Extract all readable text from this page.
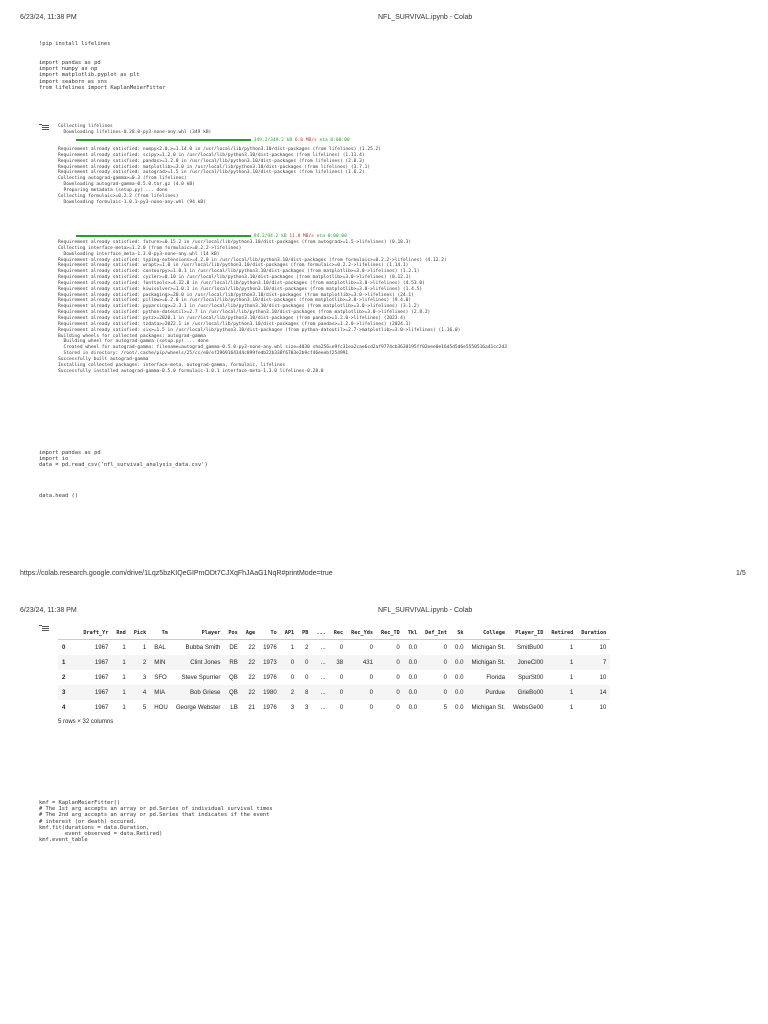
6/23/24, 11:38 PM	NFL_SURVIVAL.ipynb - Colab
!pip install lifelines
import pandas as pd
import numpy as np
import matplotlib.pyplot as plt
import seaborn as sns
from lifelines import KaplanMeierFitter
Collecting lifelines
Downloading lifelines-0.28.0-py3-none-any.whl (349 kB)
349.2/349.2 kB 6.8 MB/s eta 0:00:00
Requirement already satisfied: numpy<2.0,>=1.14.0 in /usr/local/lib/python3.10/dist-packages (from lifelines) (1.25.2)
Requirement already satisfied: scipy>=1.2.0 in /usr/local/lib/python3.10/dist-packages (from lifelines) (1.11.4)
Requirement already satisfied: pandas>=1.2.0 in /usr/local/lib/python3.10/dist-packages (from lifelines) (2.0.3)
Requirement already satisfied: matplotlib>=3.0 in /usr/local/lib/python3.10/dist-packages (from lifelines) (3.7.1)
Requirement already satisfied: autograd>=1.5 in /usr/local/lib/python3.10/dist-packages (from lifelines) (1.6.2)
Collecting autograd-gamma>=0.3 (from lifelines)
Downloading autograd-gamma-0.5.0.tar.gz (4.0 kB)
Preparing metadata (setup.py) ... done
Collecting formulaic>=0.2.2 (from lifelines)
Downloading formulaic-1.0.1-py3-none-any.whl (94 kB)
94.2/94.2 kB 11.8 MB/s eta 0:00:00
Requirement already satisfied: future>=0.15.2 in /usr/local/lib/python3.10/dist-packages (from autograd>=1.5->lifelines) (0.18.3)
Collecting interface-meta>=1.2.0 (from formulaic>=0.2.2->lifelines)
Downloading interface_meta-1.3.0-py3-none-any.whl (14 kB)
Requirement already satisfied: typing-extensions>=4.2.0 in /usr/local/lib/python3.10/dist-packages (from formulaic>=0.2.2->lifelines) (4.12.2)
Requirement already satisfied: wrapt>=1.0 in /usr/local/lib/python3.10/dist-packages (from formulaic>=0.2.2->lifelines) (1.14.1)
Requirement already satisfied: contourpy>=1.0.1 in /usr/local/lib/python3.10/dist-packages (from matplotlib>=3.0->lifelines) (1.2.1)
Requirement already satisfied: cycler>=0.10 in /usr/local/lib/python3.10/dist-packages (from matplotlib>=3.0->lifelines) (0.12.1)
Requirement already satisfied: fonttools>=4.22.0 in /usr/local/lib/python3.10/dist-packages (from matplotlib>=3.0->lifelines) (4.53.0)
Requirement already satisfied: kiwisolver>=1.0.1 in /usr/local/lib/python3.10/dist-packages (from matplotlib>=3.0->lifelines) (1.4.5)
Requirement already satisfied: packaging>=20.0 in /usr/local/lib/python3.10/dist-packages (from matplotlib>=3.0->lifelines) (24.1)
Requirement already satisfied: pillow>=6.2.0 in /usr/local/lib/python3.10/dist-packages (from matplotlib>=3.0->lifelines) (9.4.0)
Requirement already satisfied: pyparsing>=2.3.1 in /usr/local/lib/python3.10/dist-packages (from matplotlib>=3.0->lifelines) (3.1.2)
Requirement already satisfied: python-dateutil>=2.7 in /usr/local/lib/python3.10/dist-packages (from matplotlib>=3.0->lifelines) (2.8.2)
Requirement already satisfied: pytz>=2020.1 in /usr/local/lib/python3.10/dist-packages (from pandas>=1.2.0->lifelines) (2023.4)
Requirement already satisfied: tzdata>=2022.1 in /usr/local/lib/python3.10/dist-packages (from pandas>=1.2.0->lifelines) (2024.1)
Requirement already satisfied: six>=1.5 in /usr/local/lib/python3.10/dist-packages (from python-dateutil>=2.7->matplotlib>=3.0->lifelines) (1.16.0)
Building wheels for collected packages: autograd-gamma
Building wheel for autograd-gamma (setup.py) ... done
Created wheel for autograd-gamma: filename=autograd_gamma-0.5.0-py3-none-any.whl size=4030 sha256=e9fc31ea2cae6cd2af9774cb3630195ff02eee0e16d5d5d6e5550516a41cc2d3
Stored in directory: /root/.cache/pip/wheels/25/cc/e0/ef2969164144c899fedb22b338f6703e2b9cf46eeebf254991
Successfully built autograd-gamma
Installing collected packages: interface-meta, autograd-gamma, formulaic, lifelines
Successfully installed autograd-gamma-0.5.0 formulaic-1.0.1 interface-meta-1.3.0 lifelines-0.28.0
import pandas as pd
import io
data = pd.read_csv('nfl_survival_analysis_data.csv')
data.head ()
https://colab.research.google.com/drive/1Lqz5bzKIQeGIPmODt7CJXqFhJAaG1NqR#printMode=true	1/5
6/23/24, 11:38 PM	NFL_SURVIVAL.ipynb - Colab
	Draft_Yr	Rnd	Pick	Tm	Player	Pos	Age	To	AP1	PB	...	Rec	Rec_Yds	Rec_TD	Tkl	Def_Int	Sk	College	Player_ID	Retired	Duration
0	1967	1	1	BAL	Bubba Smith	DE	22	1976	1	2	...	0	0	0	0.0	0	0.0	Michigan St.	SmitBu00	1	10
1	1967	1	2	MIN	Clint Jones	RB	22	1973	0	0	...	38	431	0	0.0	0	0.0	Michigan St.	JoneCl00	1	7
2	1967	1	3	SFO	Steve Spurrier	QB	22	1976	0	0	...	0	0	0	0.0	0	0.0	Florida	SpurSt00	1	10
3	1967	1	4	MIA	Bob Griese	QB	22	1980	2	8	...	0	0	0	0.0	0	0.0	Purdue	GrieBo00	1	14
4	1967	1	5	HOU	George Webster	LB	21	1976	3	3	...	0	0	0	0.0	5	0.0	Michigan St.	WebsGe00	1	10
5 rows × 32 columns
kmf = KaplanMeierFitter()
# The 1st arg accepts an array or pd.Series of individual survival times
# The 2nd arg accepts an array or pd.Series that indicates if the event
# interest (or death) occured.
kmf.fit(durations = data.Duration,
event_observed = data.Retired)
kmf.event_table
